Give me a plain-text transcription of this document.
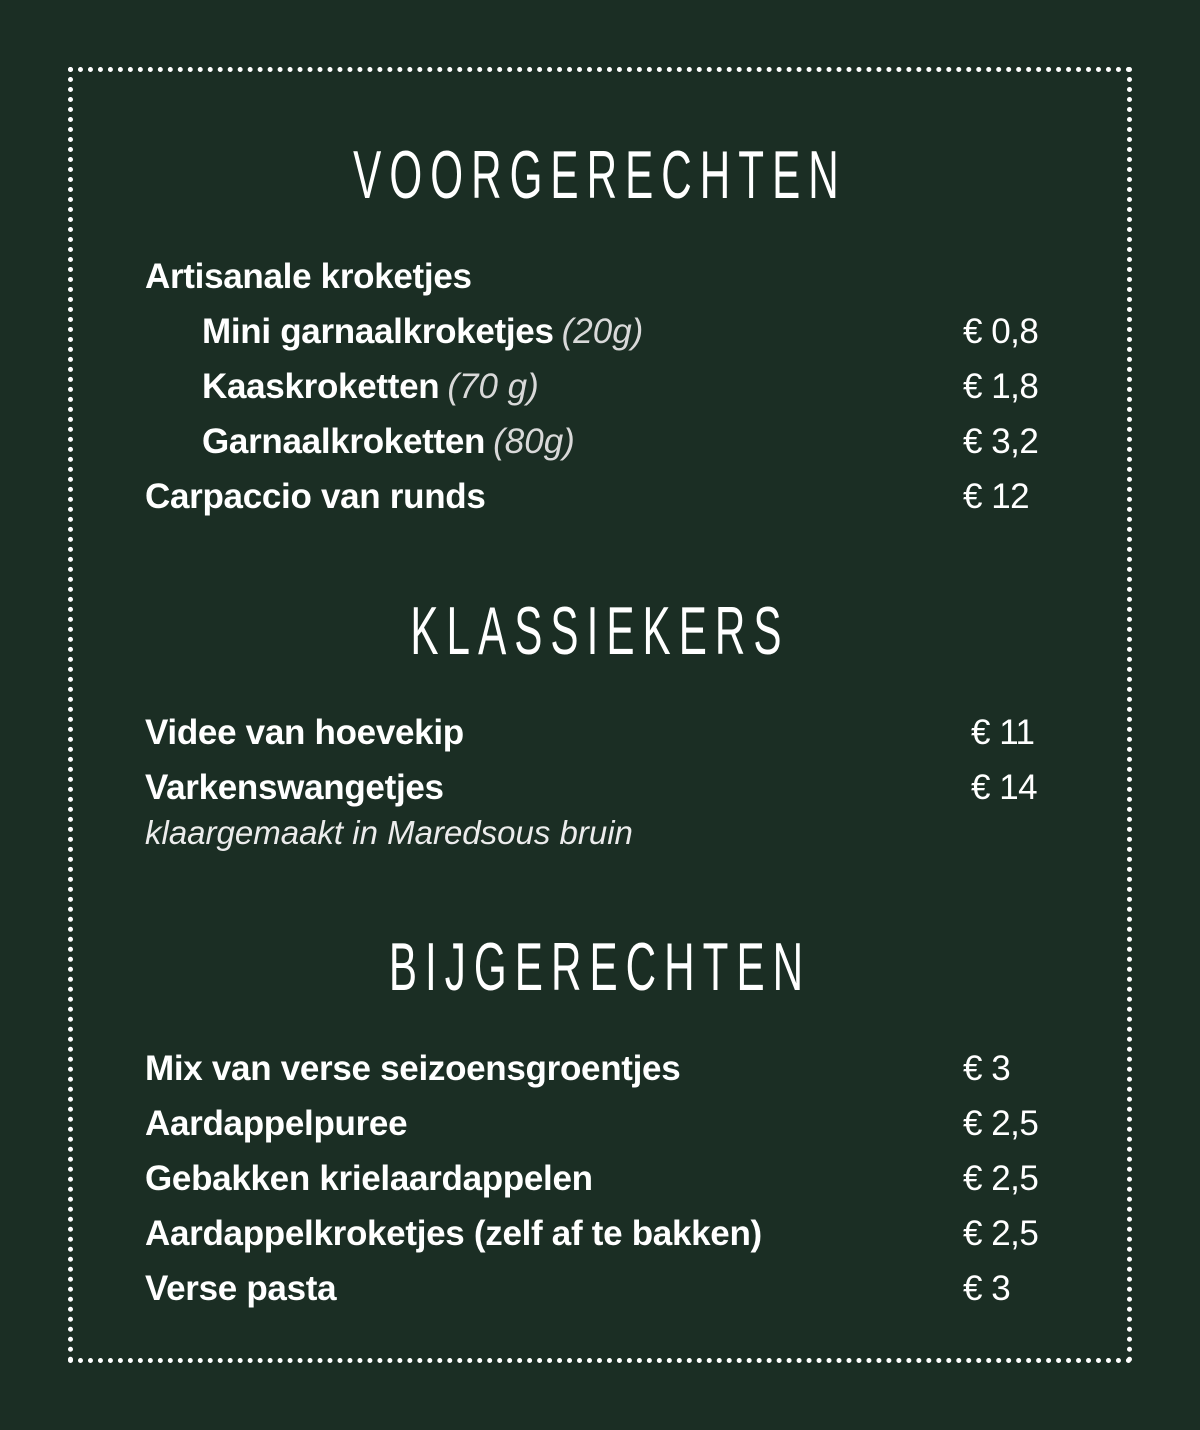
VOORGERECHTEN
Artisanale kroketjes
Mini garnaalkroketjes (20g)	€ 0,8
Kaaskroketten (70 g)	€ 1,8
Garnaalkroketten (80g)	€ 3,2
Carpaccio van runds	€ 12
KLASSIEKERS
Videe van hoevekip	€ 11
Varkenswangetjes	€ 14
klaargemaakt in Maredsous bruin
BIJGERECHTEN
Mix van verse seizoensgroentjes	€ 3
Aardappelpuree	€ 2,5
Gebakken krielaardappelen	€ 2,5
Aardappelkroketjes (zelf af te bakken)	€ 2,5
Verse pasta	€ 3
